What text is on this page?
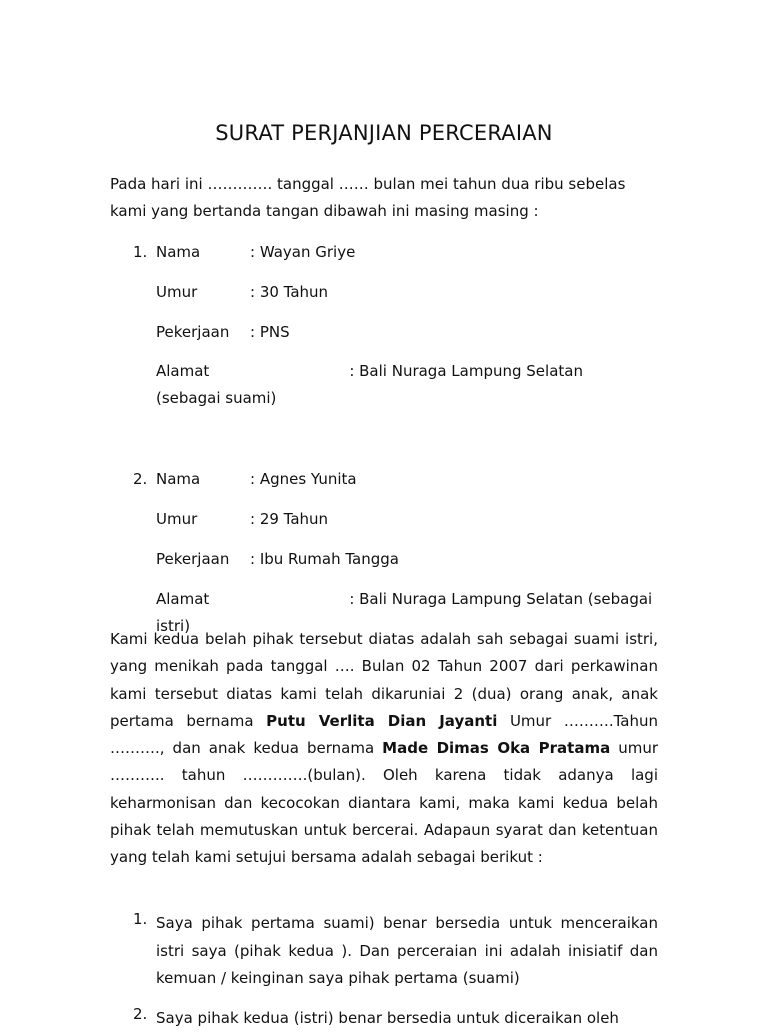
SURAT PERJANJIAN PERCERAIAN
Pada hari ini …………. tanggal …… bulan mei tahun dua ribu sebelas
kami yang bertanda tangan dibawah ini masing masing :
1. Nama	: Wayan Griye
Umur	: 30 Tahun
Pekerjaan : PNS
Alamat	: Bali Nuraga Lampung Selatan (sebagai suami)
2. Nama	: Agnes Yunita
Umur	: 29 Tahun
Pekerjaan : Ibu Rumah Tangga
Alamat	: Bali Nuraga Lampung Selatan (sebagai istri)
Kami kedua belah pihak tersebut diatas adalah sah sebagai suami istri, yang menikah pada tanggal …. Bulan 02 Tahun 2007 dari perkawinan kami tersebut diatas kami telah dikaruniai 2 (dua) orang anak, anak pertama bernama Putu Verlita Dian Jayanti Umur ……….Tahun ………., dan anak kedua bernama Made Dimas Oka Pratama umur ……….. tahun ………….(bulan). Oleh karena tidak adanya lagi keharmonisan dan kecocokan diantara kami, maka kami kedua belah pihak telah memutuskan untuk bercerai. Adapaun syarat dan ketentuan yang telah kami setujui bersama adalah sebagai berikut :
1. Saya pihak pertama suami) benar bersedia untuk menceraikan istri saya (pihak kedua ). Dan perceraian ini adalah inisiatif dan kemuan / keinginan saya pihak pertama (suami)
2. Saya pihak kedua (istri) benar bersedia untuk diceraikan oleh
